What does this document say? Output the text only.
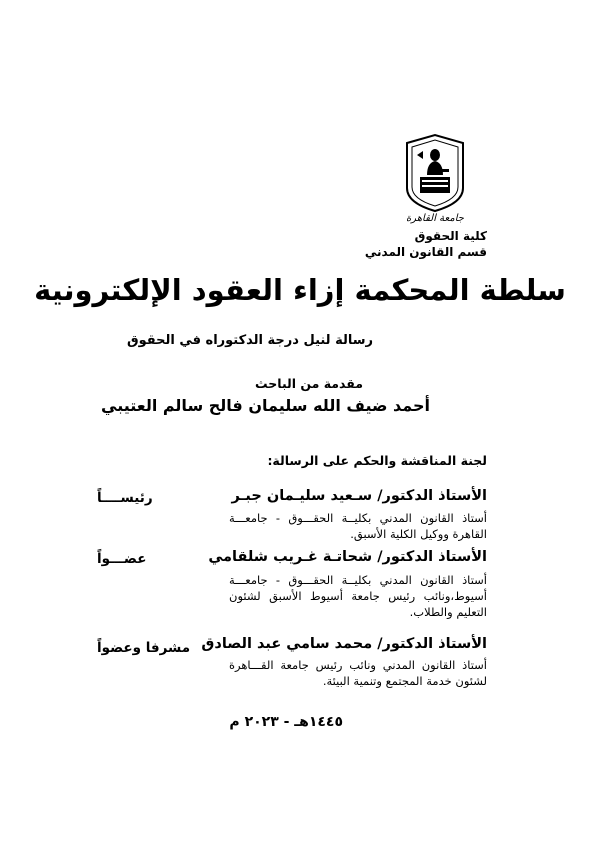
جامعة القاهرة
كلية الحقوق
قسم القانون المدني
سلطة المحكمة إزاء العقود الإلكترونية
رسالة لنيل درجة الدكتوراه في الحقوق
مقدمة من الباحث
أحمد ضيف الله سليمان فالح سالم العتيبي
لجنة المناقشة والحكم على الرسالة:
الأستاذ الدكتور/ سـعيد سليـمان جبـر
رئيســــاً
أستاذ القانون المدني بكليــة الحقـــوق - جامعـــة القاهرة ووكيل الكلية الأسبق.
الأستاذ الدكتور/ شحاتـة غـريب شلقامي
عضـــواً
أستاذ القانون المدني بكليــة الحقـــوق - جامعـــة أسيوط،ونائب رئيس جامعة أسيوط الأسبق لشئون التعليم والطلاب.
الأستاذ الدكتور/ محمد سامي عبد الصادق
مشرفا وعضواً
أستاذ القانون المدني ونائب رئيس جامعة القـــاهرة لشئون خدمة المجتمع وتنمية البيئة.
١٤٤٥هـ - ٢٠٢٣ م
